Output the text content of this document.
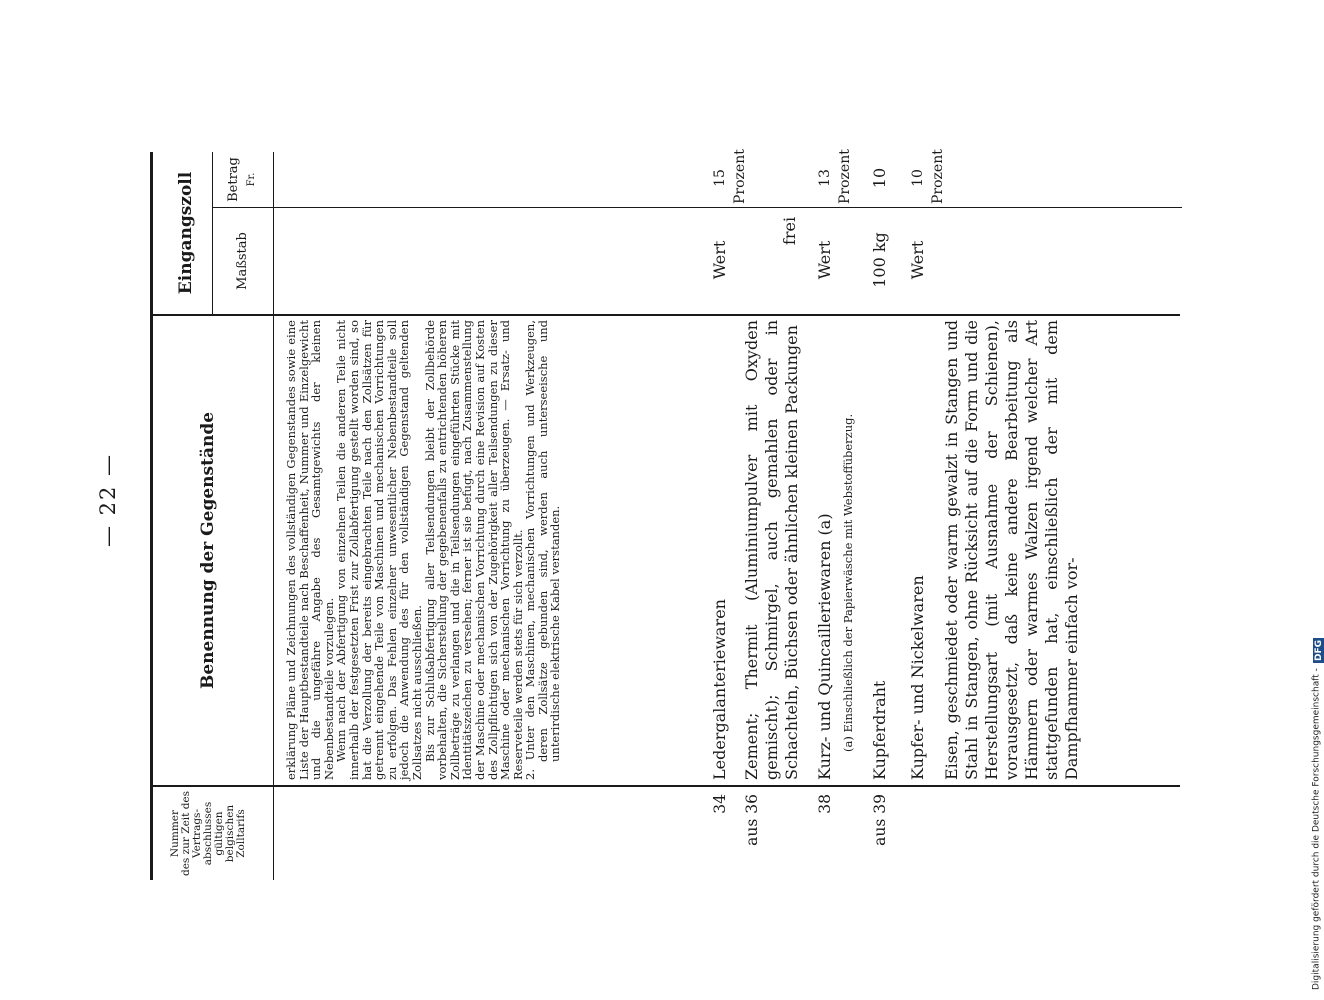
— 22 —
Nummer des zur Zeit des Vertrags- abschlusses gültigen belgischen Zolltarifs
Benennung der Gegenstände
Eingangszoll	Maßstab
Betrag Fr.

erklärung Pläne und Zeichnungen des vollständigen Gegenstandes sowie eine Liste der Hauptbestandteile nach Beschaffenheit, Nummer und Einzelgewicht und die ungefähre Angabe des Gesamtgewichts der kleinen Nebenbestandteile vorzulegen.

Wenn nach der Abfertigung von einzelnen Teilen die anderen Teile nicht innerhalb der festgesetzten Frist zur Zollabfertigung gestellt worden sind, so hat die Verzollung der bereits eingebrachten Teile nach den Zollsätzen für getrennt eingehende Teile von Maschinen und mechanischen Vorrichtungen zu erfolgen. Das Fehlen einzelner unwesentlicher Nebenbestandteile soll jedoch die Anwendung des für den vollständigen Gegenstand geltenden Zollsatzes nicht ausschließen.

Bis zur Schlußabfertigung aller Teilsendungen bleibt der Zollbehörde vorbehalten, die Sicherstellung der gegebenenfalls zu entrichtenden höheren Zollbeträge zu verlangen und die in Teilsendungen eingeführten Stücke mit Identitätszeichen zu versehen; ferner ist sie befugt, nach Zusammenstellung der Maschine oder mechanischen Vorrichtung durch eine Revision auf Kosten des Zollpflichtigen sich von der Zugehörigkeit aller Teilsendungen zu dieser Maschine oder mechanischen Vorrichtung zu überzeugen. — Ersatz- und Reserveteile werden stets für sich verzollt.

2. Unter den Maschinen, mechanischen Vorrichtungen und Werkzeugen, deren Zollsätze gebunden sind, werden auch unterseeische und unterirdische elektrische Kabel verstanden.

34
Ledergalanteriewaren
Wert
15 Prozent
aus 36
Zement; Thermit (Aluminiumpulver mit Oxyden gemischt); Schmirgel, auch gemahlen oder in Schachteln, Büchsen oder ähnlichen kleinen Packungen
frei
38
Kurz- und Quincailleriewaren (a) (a) Einschließlich der Papierwäsche mit Webstoffüberzug.
Wert
13 Prozent
aus 39
Kupferdraht
100 kg
10
Kupfer- und Nickelwaren
Wert
10 Prozent
Eisen, geschmiedet oder warm gewalzt in Stangen und Stahl in Stangen, ohne Rücksicht auf die Form und die Herstellungsart (mit Ausnahme der Schienen), vorausgesetzt, daß keine andere Bearbeitung als Hämmern oder warmes Walzen irgend welcher Art stattgefunden hat, einschließlich der mit dem Dampfhammer einfach vor-	Digitalisierung gefördert durch die Deutsche Forschungsgemeinschaft - DFG
